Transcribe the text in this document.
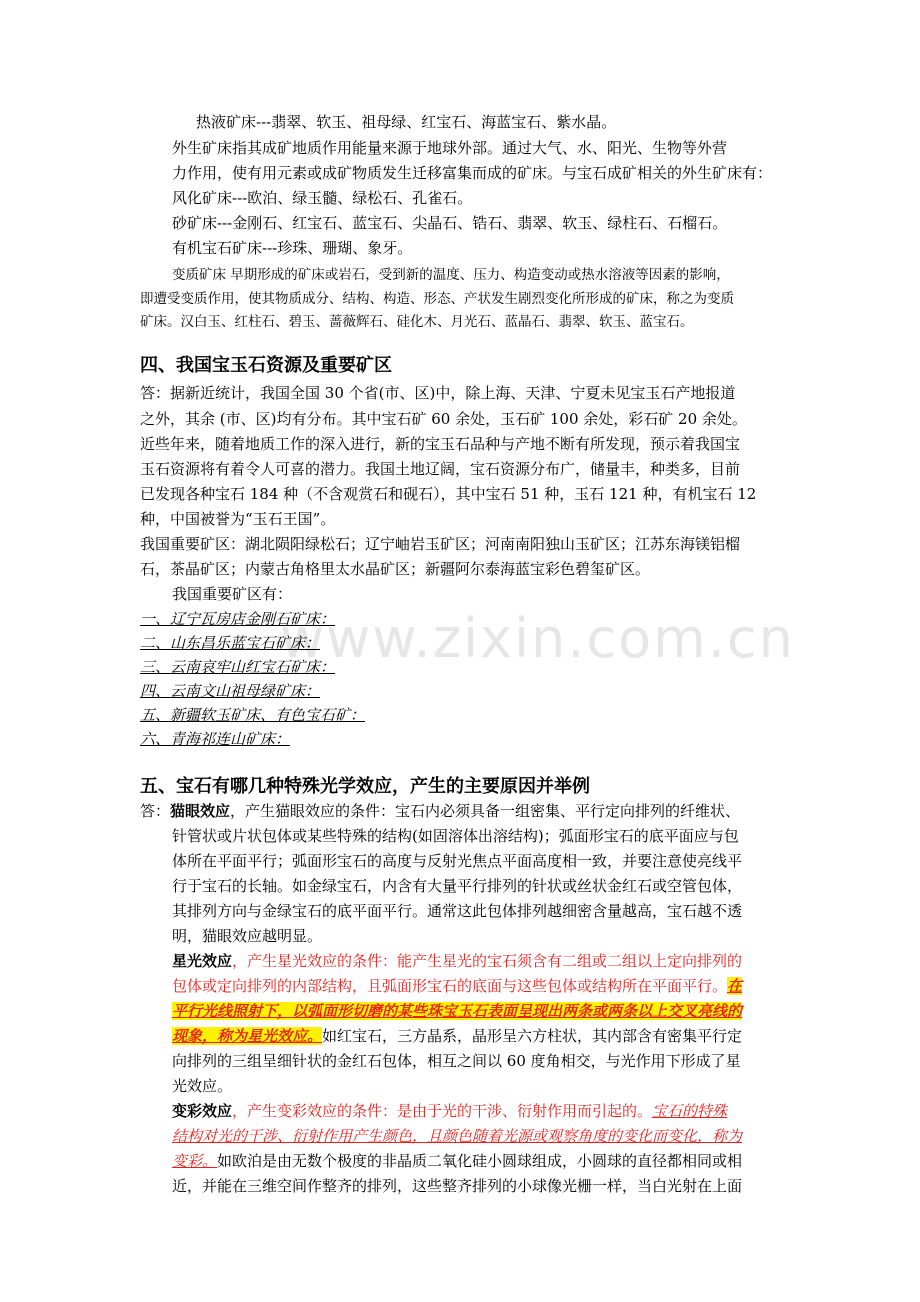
www.zixin.com.cn
热液矿床---翡翠、软玉、祖母绿、红宝石、海蓝宝石、紫水晶。
外生矿床指其成矿地质作用能量来源于地球外部。通过大气、水、阳光、生物等外营
力作用，使有用元素或成矿物质发生迁移富集而成的矿床。与宝石成矿相关的外生矿床有：
风化矿床---欧泊、绿玉髓、绿松石、孔雀石。
砂矿床---金刚石、红宝石、蓝宝石、尖晶石、锆石、翡翠、软玉、绿柱石、石榴石。
有机宝石矿床---珍珠、珊瑚、象牙。
变质矿床 早期形成的矿床或岩石，受到新的温度、压力、构造变动或热水溶液等因素的影响，
即遭受变质作用，使其物质成分、结构、构造、形态、产状发生剧烈变化所形成的矿床，称之为变质
矿床。汉白玉、红柱石、碧玉、蔷薇辉石、硅化木、月光石、蓝晶石、翡翠、软玉、蓝宝石。
四、我国宝玉石资源及重要矿区
答：据新近统计，我国全国 30 个省(市、区)中，除上海、天津、宁夏未见宝玉石产地报道
之外，其余 (市、区)均有分布。其中宝石矿 60 余处，玉石矿 100 余处，彩石矿 20 余处。
近些年来，随着地质工作的深入进行，新的宝玉石品种与产地不断有所发现，预示着我国宝
玉石资源将有着令人可喜的潜力。我国土地辽阔，宝石资源分布广，储量丰，种类多，目前
已发现各种宝石 184 种（不含观赏石和砚石），其中宝石 51 种，玉石 121 种，有机宝石 12
种，中国被誉为“玉石王国”。
我国重要矿区：湖北陨阳绿松石；辽宁岫岩玉矿区；河南南阳独山玉矿区；江苏东海镁铝榴
石，茶晶矿区；内蒙古角格里太水晶矿区；新疆阿尔泰海蓝宝彩色碧玺矿区。
我国重要矿区有：
一、辽宁瓦房店金刚石矿床：
二、山东昌乐蓝宝石矿床：
三、云南哀牢山红宝石矿床：
四、云南文山祖母绿矿床：
五、新疆软玉矿床、有色宝石矿：
六、青海祁连山矿床：
五、宝石有哪几种特殊光学效应，产生的主要原因并举例
答：猫眼效应，产生猫眼效应的条件：宝石内必须具备一组密集、平行定向排列的纤维状、
针管状或片状包体或某些特殊的结构(如固溶体出溶结构)；弧面形宝石的底平面应与包
体所在平面平行；弧面形宝石的高度与反射光焦点平面高度相一致，并要注意使亮线平
行于宝石的长轴。如金绿宝石，内含有大量平行排列的针状或丝状金红石或空管包体，
其排列方向与金绿宝石的底平面平行。通常这此包体排列越细密含量越高，宝石越不透
明，猫眼效应越明显。
星光效应，产生星光效应的条件：能产生星光的宝石须含有二组或二组以上定向排列的
包体或定向排列的内部结构，且弧面形宝石的底面与这些包体或结构所在平面平行。在
平行光线照射下，以弧面形切磨的某些珠宝玉石表面呈现出两条或两条以上交叉亮线的
现象，称为星光效应。如红宝石，三方晶系，晶形呈六方柱状，其内部含有密集平行定
向排列的三组呈细针状的金红石包体，相互之间以 60 度角相交，与光作用下形成了星
光效应。
变彩效应，产生变彩效应的条件：是由于光的干涉、衍射作用而引起的。宝石的特殊
结构对光的干涉、衍射作用产生颜色，且颜色随着光源或观察角度的变化而变化，称为
变彩。如欧泊是由无数个极度的非晶质二氧化硅小圆球组成，小圆球的直径都相同或相
近，并能在三维空间作整齐的排列，这些整齐排列的小球像光栅一样，当白光射在上面
